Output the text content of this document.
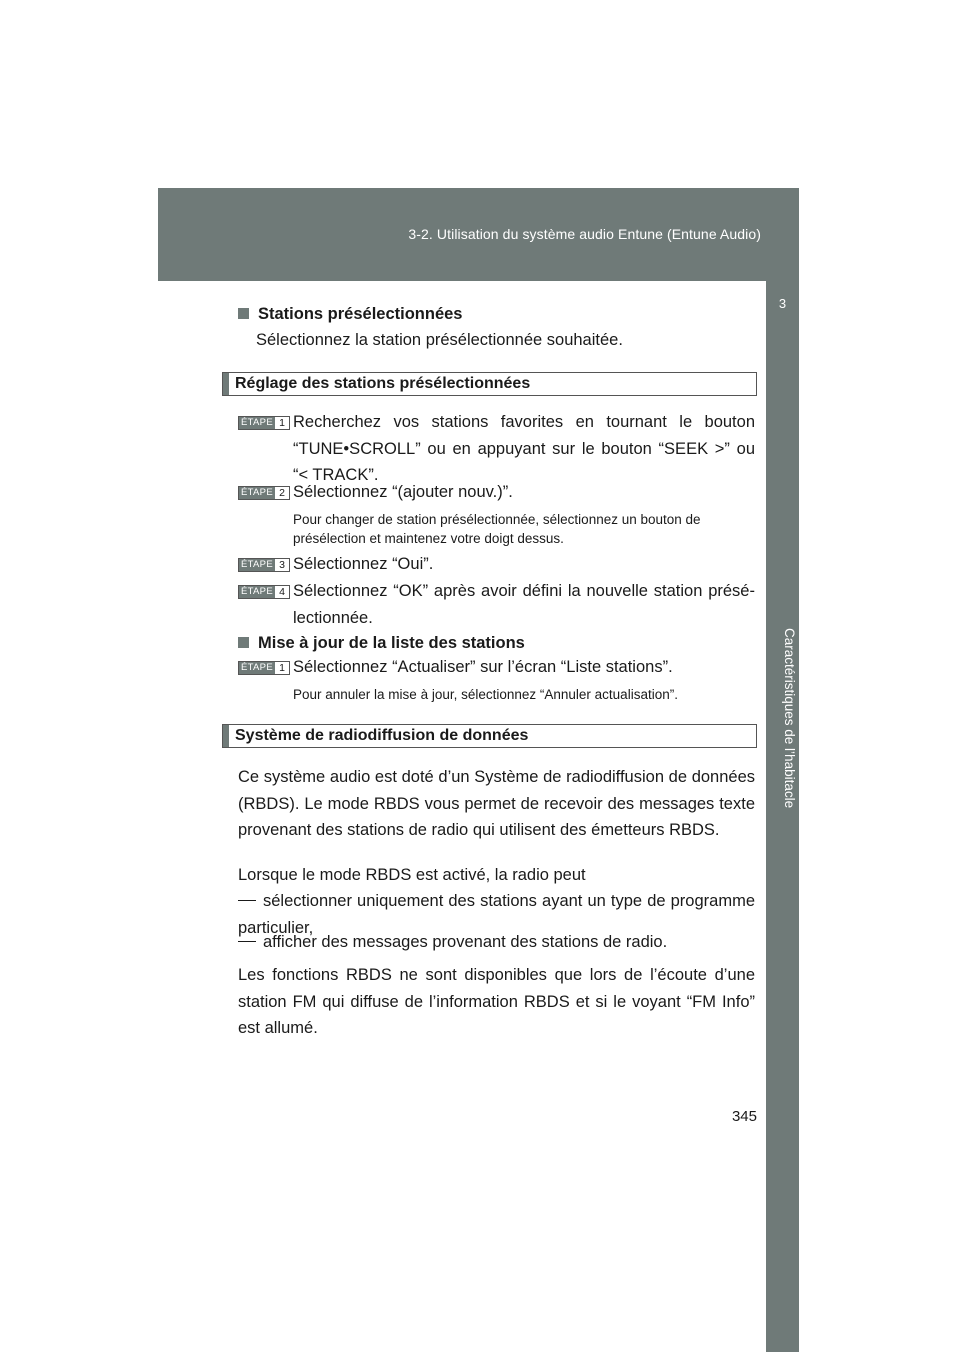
3-2. Utilisation du système audio Entune (Entune Audio)
3
Caractéristiques de l’habitacle
Stations présélectionnées
Sélectionnez la station présélectionnée souhaitée.
Réglage des stations présélectionnées
ÉTAPE 1 Recherchez vos stations favorites en tournant le bouton “TUNE•SCROLL” ou en appuyant sur le bouton “SEEK >” ou “< TRACK”.
ÉTAPE 2 Sélectionnez “(ajouter nouv.)”.
Pour changer de station présélectionnée, sélectionnez un bouton de présélection et maintenez votre doigt dessus.
ÉTAPE 3 Sélectionnez “Oui”.
ÉTAPE 4 Sélectionnez “OK” après avoir défini la nouvelle station présélectionnée.
Mise à jour de la liste des stations
ÉTAPE 1 Sélectionnez “Actualiser” sur l’écran “Liste stations”.
Pour annuler la mise à jour, sélectionnez “Annuler actualisation”.
Système de radiodiffusion de données
Ce système audio est doté d’un Système de radiodiffusion de données (RBDS). Le mode RBDS vous permet de recevoir des messages texte provenant des stations de radio qui utilisent des émetteurs RBDS.
Lorsque le mode RBDS est activé, la radio peut
sélectionner uniquement des stations ayant un type de programme particulier,
afficher des messages provenant des stations de radio.
Les fonctions RBDS ne sont disponibles que lors de l’écoute d’une station FM qui diffuse de l’information RBDS et si le voyant “FM Info” est allumé.
345
